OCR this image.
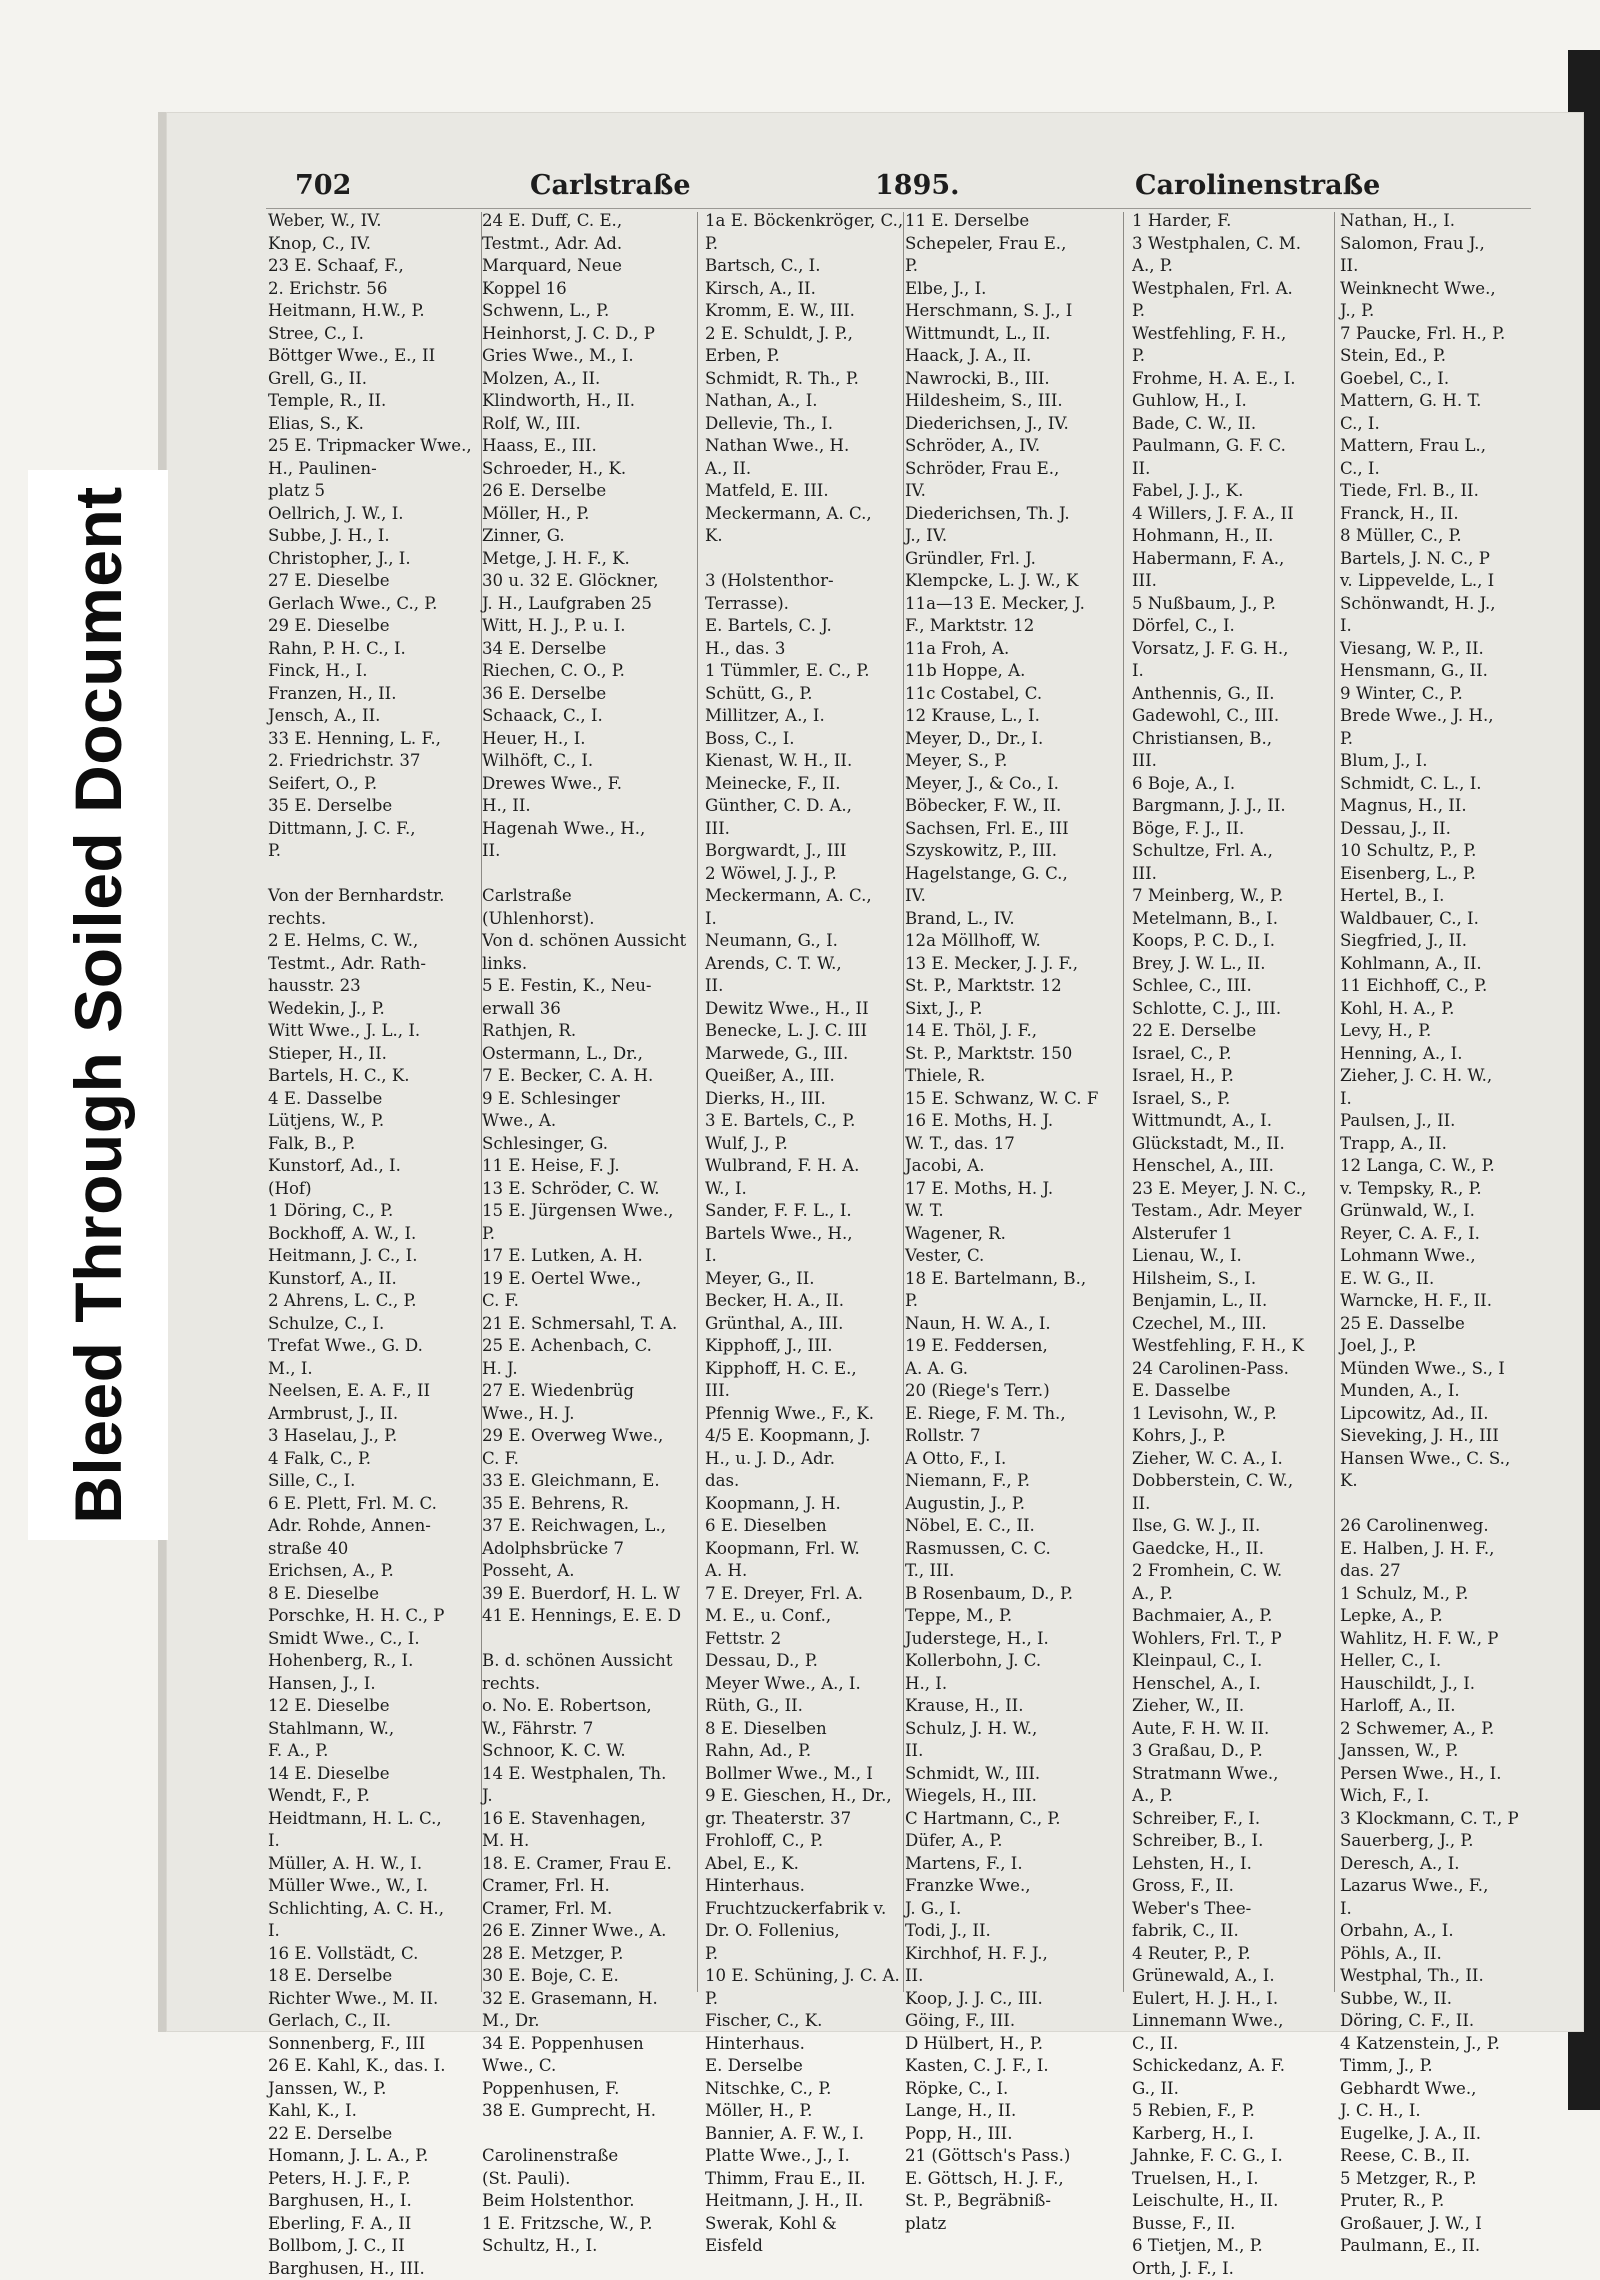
Bleed Through Soiled Document
702	Carlstraße	1895.	Carolinenstraße
Weber, W., IV.
Knop, C., IV.
23 E. Schaaf, F.,
2. Erichstr. 56
Heitmann, H.W., P.
Stree, C., I.
Böttger Wwe., E., II
Grell, G., II.
Temple, R., II.
Elias, S., K.
25 E. Tripmacker Wwe.,
H., Paulinen-
platz 5
Oellrich, J. W., I.
Subbe, J. H., I.
Christopher, J., I.
27 E. Dieselbe
Gerlach Wwe., C., P.
29 E. Dieselbe
Rahn, P. H. C., I.
Finck, H., I.
Franzen, H., II.
Jensch, A., II.
33 E. Henning, L. F.,
2. Friedrichstr. 37
Seifert, O., P.
35 E. Derselbe
Dittmann, J. C. F.,
P.

Von der Bernhardstr.
rechts.
2 E. Helms, C. W.,
Testmt., Adr. Rath-
hausstr. 23
Wedekin, J., P.
Witt Wwe., J. L., I.
Stieper, H., II.
Bartels, H. C., K.
4 E. Dasselbe
Lütjens, W., P.
Falk, B., P.
Kunstorf, Ad., I.
(Hof)
1 Döring, C., P.
Bockhoff, A. W., I.
Heitmann, J. C., I.
Kunstorf, A., II.
2 Ahrens, L. C., P.
Schulze, C., I.
Trefat Wwe., G. D.
M., I.
Neelsen, E. A. F., II
Armbrust, J., II.
3 Haselau, J., P.
4 Falk, C., P.
Sille, C., I.
6 E. Plett, Frl. M. C.
Adr. Rohde, Annen-
straße 40
Erichsen, A., P.
8 E. Dieselbe
Porschke, H. H. C., P
Smidt Wwe., C., I.
Hohenberg, R., I.
Hansen, J., I.
12 E. Dieselbe
Stahlmann, W.,
F. A., P.
14 E. Dieselbe
Wendt, F., P.
Heidtmann, H. L. C.,
I.
Müller, A. H. W., I.
Müller Wwe., W., I.
Schlichting, A. C. H.,
I.
16 E. Vollstädt, C.
18 E. Derselbe
Richter Wwe., M. II.
Gerlach, C., II.
Sonnenberg, F., III
26 E. Kahl, K., das. I.
Janssen, W., P.
Kahl, K., I.
22 E. Derselbe
Homann, J. L. A., P.
Peters, H. J. F., P.
Barghusen, H., I.
Eberling, F. A., II
Bollbom, J. C., II
Barghusen, H., III.
24 E. Duff, C. E.,
Testmt., Adr. Ad.
Marquard, Neue
Koppel 16
Schwenn, L., P.
Heinhorst, J. C. D., P
Gries Wwe., M., I.
Molzen, A., II.
Klindworth, H., II.
Rolf, W., III.
Haass, E., III.
Schroeder, H., K.
26 E. Derselbe
Möller, H., P.
Zinner, G.
Metge, J. H. F., K.
30 u. 32 E. Glöckner,
J. H., Laufgraben 25
Witt, H. J., P. u. I.
34 E. Derselbe
Riechen, C. O., P.
36 E. Derselbe
Schaack, C., I.
Heuer, H., I.
Wilhöft, C., I.
Drewes Wwe., F.
H., II.
Hagenah Wwe., H.,
II.

Carlstraße
(Uhlenhorst).
Von d. schönen Aussicht
links.
5 E. Festin, K., Neu-
erwall 36
Rathjen, R.
Ostermann, L., Dr.,
7 E. Becker, C. A. H.
9 E. Schlesinger
Wwe., A.
Schlesinger, G.
11 E. Heise, F. J.
13 E. Schröder, C. W.
15 E. Jürgensen Wwe.,
P.
17 E. Lutken, A. H.
19 E. Oertel Wwe.,
C. F.
21 E. Schmersahl, T. A.
25 E. Achenbach, C.
H. J.
27 E. Wiedenbrüg
Wwe., H. J.
29 E. Overweg Wwe.,
C. F.
33 E. Gleichmann, E.
35 E. Behrens, R.
37 E. Reichwagen, L.,
Adolphsbrücke 7
Posseht, A.
39 E. Buerdorf, H. L. W
41 E. Hennings, E. E. D

B. d. schönen Aussicht
rechts.
o. No. E. Robertson,
W., Fährstr. 7
Schnoor, K. C. W.
14 E. Westphalen, Th.
J.
16 E. Stavenhagen,
M. H.
18. E. Cramer, Frau E.
Cramer, Frl. H.
Cramer, Frl. M.
26 E. Zinner Wwe., A.
28 E. Metzger, P.
30 E. Boje, C. E.
32 E. Grasemann, H.
M., Dr.
34 E. Poppenhusen
Wwe., C.
Poppenhusen, F.
38 E. Gumprecht, H.

Carolinenstraße
(St. Pauli).
Beim Holstenthor.
1 E. Fritzsche, W., P.
Schultz, H., I.
1a E. Böckenkröger, C.,
P.
Bartsch, C., I.
Kirsch, A., II.
Kromm, E. W., III.
2 E. Schuldt, J. P.,
Erben, P.
Schmidt, R. Th., P.
Nathan, A., I.
Dellevie, Th., I.
Nathan Wwe., H.
A., II.
Matfeld, E. III.
Meckermann, A. C.,
K.

3 (Holstenthor-
Terrasse).
E. Bartels, C. J.
H., das. 3
1 Tümmler, E. C., P.
Schütt, G., P.
Millitzer, A., I.
Boss, C., I.
Kienast, W. H., II.
Meinecke, F., II.
Günther, C. D. A.,
III.
Borgwardt, J., III
2 Wöwel, J. J., P.
Meckermann, A. C.,
I.
Neumann, G., I.
Arends, C. T. W.,
II.
Dewitz Wwe., H., II
Benecke, L. J. C. III
Marwede, G., III.
Queißer, A., III.
Dierks, H., III.
3 E. Bartels, C., P.
Wulf, J., P.
Wulbrand, F. H. A.
W., I.
Sander, F. F. L., I.
Bartels Wwe., H.,
I.
Meyer, G., II.
Becker, H. A., II.
Grünthal, A., III.
Kipphoff, J., III.
Kipphoff, H. C. E.,
III.
Pfennig Wwe., F., K.
4/5 E. Koopmann, J.
H., u. J. D., Adr.
das.
Koopmann, J. H.
6 E. Dieselben
Koopmann, Frl. W.
A. H.
7 E. Dreyer, Frl. A.
M. E., u. Conf.,
Fettstr. 2
Dessau, D., P.
Meyer Wwe., A., I.
Rüth, G., II.
8 E. Dieselben
Rahn, Ad., P.
Bollmer Wwe., M., I
9 E. Gieschen, H., Dr.,
gr. Theaterstr. 37
Frohloff, C., P.
Abel, E., K.
Hinterhaus.
Fruchtzuckerfabrik v.
Dr. O. Follenius,
P.
10 E. Schüning, J. C. A.
P.
Fischer, C., K.
Hinterhaus.
E. Derselbe
Nitschke, C., P.
Möller, H., P.
Bannier, A. F. W., I.
Platte Wwe., J., I.
Thimm, Frau E., II.
Heitmann, J. H., II.
Swerak, Kohl &
Eisfeld
11 E. Derselbe
Schepeler, Frau E.,
P.
Elbe, J., I.
Herschmann, S. J., I
Wittmundt, L., II.
Haack, J. A., II.
Nawrocki, B., III.
Hildesheim, S., III.
Diederichsen, J., IV.
Schröder, A., IV.
Schröder, Frau E.,
IV.
Diederichsen, Th. J.
J., IV.
Gründler, Frl. J.
Klempcke, L. J. W., K
11a—13 E. Mecker, J.
F., Marktstr. 12
11a Froh, A.
11b Hoppe, A.
11c Costabel, C.
12 Krause, L., I.
Meyer, D., Dr., I.
Meyer, S., P.
Meyer, J., & Co., I.
Böbecker, F. W., II.
Sachsen, Frl. E., III
Szyskowitz, P., III.
Hagelstange, G. C.,
IV.
Brand, L., IV.
12a Möllhoff, W.
13 E. Mecker, J. J. F.,
St. P., Marktstr. 12
Sixt, J., P.
14 E. Thöl, J. F.,
St. P., Marktstr. 150
Thiele, R.
15 E. Schwanz, W. C. F
16 E. Moths, H. J.
W. T., das. 17
Jacobi, A.
17 E. Moths, H. J.
W. T.
Wagener, R.
Vester, C.
18 E. Bartelmann, B.,
P.
Naun, H. W. A., I.
19 E. Feddersen,
A. A. G.
20 (Riege's Terr.)
E. Riege, F. M. Th.,
Rollstr. 7
A Otto, F., I.
Niemann, F., P.
Augustin, J., P.
Nöbel, E. C., II.
Rasmussen, C. C.
T., III.
B Rosenbaum, D., P.
Teppe, M., P.
Juderstege, H., I.
Kollerbohn, J. C.
H., I.
Krause, H., II.
Schulz, J. H. W.,
II.
Schmidt, W., III.
Wiegels, H., III.
C Hartmann, C., P.
Düfer, A., P.
Martens, F., I.
Franzke Wwe.,
J. G., I.
Todi, J., II.
Kirchhof, H. F. J.,
II.
Koop, J. J. C., III.
Göing, F., III.
D Hülbert, H., P.
Kasten, C. J. F., I.
Röpke, C., I.
Lange, H., II.
Popp, H., III.
21 (Göttsch's Pass.)
E. Göttsch, H. J. F.,
St. P., Begräbniß-
platz
1 Harder, F.
3 Westphalen, C. M.
A., P.
Westphalen, Frl. A.
P.
Westfehling, F. H.,
P.
Frohme, H. A. E., I.
Guhlow, H., I.
Bade, C. W., II.
Paulmann, G. F. C.
II.
Fabel, J. J., K.
4 Willers, J. F. A., II
Hohmann, H., II.
Habermann, F. A.,
III.
5 Nußbaum, J., P.
Dörfel, C., I.
Vorsatz, J. F. G. H.,
I.
Anthennis, G., II.
Gadewohl, C., III.
Christiansen, B.,
III.
6 Boje, A., I.
Bargmann, J. J., II.
Böge, F. J., II.
Schultze, Frl. A.,
III.
7 Meinberg, W., P.
Metelmann, B., I.
Koops, P. C. D., I.
Brey, J. W. L., II.
Schlee, C., III.
Schlotte, C. J., III.
22 E. Derselbe
Israel, C., P.
Israel, H., P.
Israel, S., P.
Wittmundt, A., I.
Glückstadt, M., II.
Henschel, A., III.
23 E. Meyer, J. N. C.,
Testam., Adr. Meyer
Alsterufer 1
Lienau, W., I.
Hilsheim, S., I.
Benjamin, L., II.
Czechel, M., III.
Westfehling, F. H., K
24 Carolinen-Pass.
E. Dasselbe
1 Levisohn, W., P.
Kohrs, J., P.
Zieher, W. C. A., I.
Dobberstein, C. W.,
II.
Ilse, G. W. J., II.
Gaedcke, H., II.
2 Fromhein, C. W.
A., P.
Bachmaier, A., P.
Wohlers, Frl. T., P
Kleinpaul, C., I.
Henschel, A., I.
Zieher, W., II.
Aute, F. H. W. II.
3 Graßau, D., P.
Stratmann Wwe.,
A., P.
Schreiber, F., I.
Schreiber, B., I.
Lehsten, H., I.
Gross, F., II.
Weber's Thee-
fabrik, C., II.
4 Reuter, P., P.
Grünewald, A., I.
Eulert, H. J. H., I.
Linnemann Wwe.,
C., II.
Schickedanz, A. F.
G., II.
5 Rebien, F., P.
Karberg, H., I.
Jahnke, F. C. G., I.
Truelsen, H., I.
Leischulte, H., II.
Busse, F., II.
6 Tietjen, M., P.
Orth, J. F., I.
Nathan, H., I.
Salomon, Frau J.,
II.
Weinknecht Wwe.,
J., P.
7 Paucke, Frl. H., P.
Stein, Ed., P.
Goebel, C., I.
Mattern, G. H. T.
C., I.
Mattern, Frau L.,
C., I.
Tiede, Frl. B., II.
Franck, H., II.
8 Müller, C., P.
Bartels, J. N. C., P
v. Lippevelde, L., I
Schönwandt, H. J.,
I.
Viesang, W. P., II.
Hensmann, G., II.
9 Winter, C., P.
Brede Wwe., J. H.,
P.
Blum, J., I.
Schmidt, C. L., I.
Magnus, H., II.
Dessau, J., II.
10 Schultz, P., P.
Eisenberg, L., P.
Hertel, B., I.
Waldbauer, C., I.
Siegfried, J., II.
Kohlmann, A., II.
11 Eichhoff, C., P.
Kohl, H. A., P.
Levy, H., P.
Henning, A., I.
Zieher, J. C. H. W.,
I.
Paulsen, J., II.
Trapp, A., II.
12 Langa, C. W., P.
v. Tempsky, R., P.
Grünwald, W., I.
Reyer, C. A. F., I.
Lohmann Wwe.,
E. W. G., II.
Warncke, H. F., II.
25 E. Dasselbe
Joel, J., P.
Münden Wwe., S., I
Munden, A., I.
Lipcowitz, Ad., II.
Sieveking, J. H., III
Hansen Wwe., C. S.,
K.

26 Carolinenweg.
E. Halben, J. H. F.,
das. 27
1 Schulz, M., P.
Lepke, A., P.
Wahlitz, H. F. W., P
Heller, C., I.
Hauschildt, J., I.
Harloff, A., II.
2 Schwemer, A., P.
Janssen, W., P.
Persen Wwe., H., I.
Wich, F., I.
3 Klockmann, C. T., P
Sauerberg, J., P.
Deresch, A., I.
Lazarus Wwe., F.,
I.
Orbahn, A., I.
Pöhls, A., II.
Westphal, Th., II.
Subbe, W., II.
Döring, C. F., II.
4 Katzenstein, J., P.
Timm, J., P.
Gebhardt Wwe.,
J. C. H., I.
Eugelke, J. A., II.
Reese, C. B., II.
5 Metzger, R., P.
Pruter, R., P.
Großauer, J. W., I
Paulmann, E., II.
